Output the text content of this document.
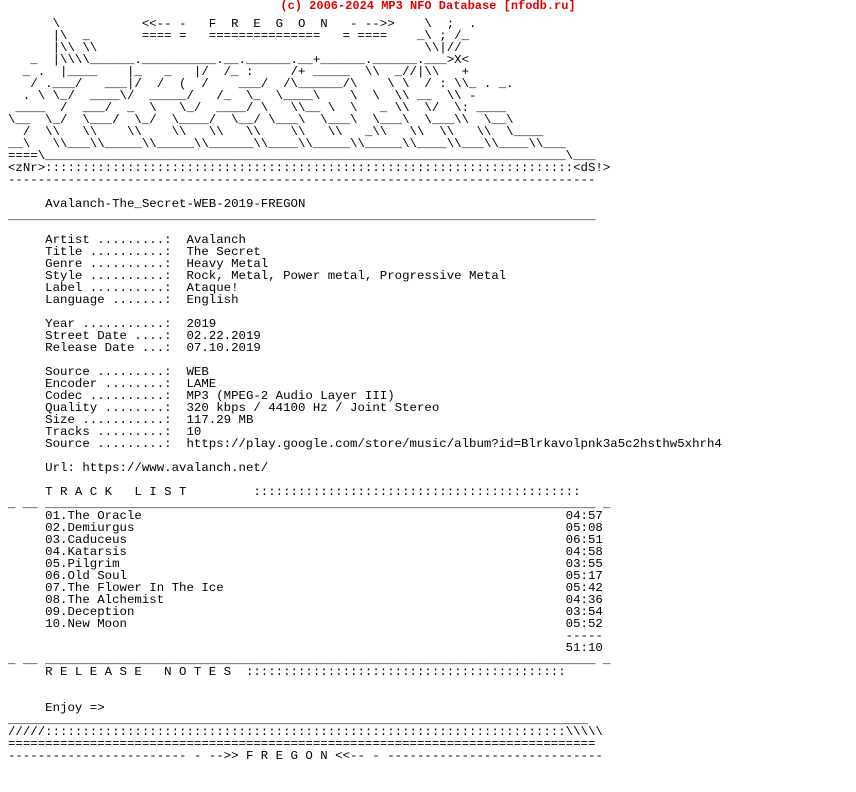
(c) 2006-2024 MP3 NFO Database [nfodb.ru]
\           <<-- -   F  R  E  G  O  N   - -->>    \  ;  .
|\  _       ==== =   ===============   = ====    _\ ; /_
|\\ \\                                            \\|//
_  |\\\\______.__________.__.______.__+______.______.___>X<
_ .  |____    |_   _   |/  /_ :     /+ _____  \\  _//|\\   +
/ .___/   ___|/  /  (  /    ___/  /\______/\    \ \  / : \\_ . _.
. \ \_/  ____\/  _____/   /_  \_  \____\    \  \  \\ __  \\ -
____  /  ___/  _  \   \_/  ____/ \   \\__ \  \   _ \\  \/  \: ____
\__  \_/  \___/  \_/  \____/  \__/ \___\  \___\  \___\  \___\\  \__\
/  \\   \\    \\    \\   \\   \\    \\   \\   _\\   \\  \\   \\  \____
__\   \\___\\_____\\_____\\______\\____\\_____\\_____\\____\\___\\____\\___
====\______________________________________________________________________\___
<zNr>:::::::::::::::::::::::::::::::::::::::::::::::::::::::::::::::::::::::<dS!>
-------------------------------------------------------------------------------

Avalanch-The_Secret-WEB-2019-FREGON
_______________________________________________________________________________

Artist .........:  Avalanch
Title ..........:  The Secret
Genre ..........:  Heavy Metal
Style ..........:  Rock, Metal, Power metal, Progressive Metal
Label ..........:  Ataque!
Language .......:  English

Year ...........:  2019
Street Date ....:  02.22.2019
Release Date ...:  07.10.2019

Source .........:  WEB
Encoder ........:  LAME
Codec ..........:  MP3 (MPEG-2 Audio Layer III)
Quality ........:  320 kbps / 44100 Hz / Joint Stereo
Size ...........:  117.29 MB
Tracks .........:  10
Source .........:  https://play.google.com/store/music/album?id=Blrkavolpnk3a5c2hsthw5xhrh4

Url: https://www.avalanch.net/

T R A C K   L I S T         ::::::::::::::::::::::::::::::::::::::::::::
_ __ __________________________________________________________________________ _
01.The Oracle                                                         04:57
02.Demiurgus                                                          05:08
03.Caduceus                                                           06:51
04.Katarsis                                                           04:58
05.Pilgrim                                                            03:55
06.Old Soul                                                           05:17
07.The Flower In The Ice                                              05:42
08.The Alchemist                                                      04:36
09.Deception                                                          03:54
10.New Moon                                                           05:52
-----
51:10
_ __ __________________________________________________________________________ _
R E L E A S E   N O T E S  :::::::::::::::::::::::::::::::::::::::::::

Enjoy =>
______________________________________________________________________________
/////::::::::::::::::::::::::::::::::::::::::::::::::::::::::::::::::::::::\\\\\
===============================================================================
------------------------ - -->> F R E G O N <<-- - -----------------------------
